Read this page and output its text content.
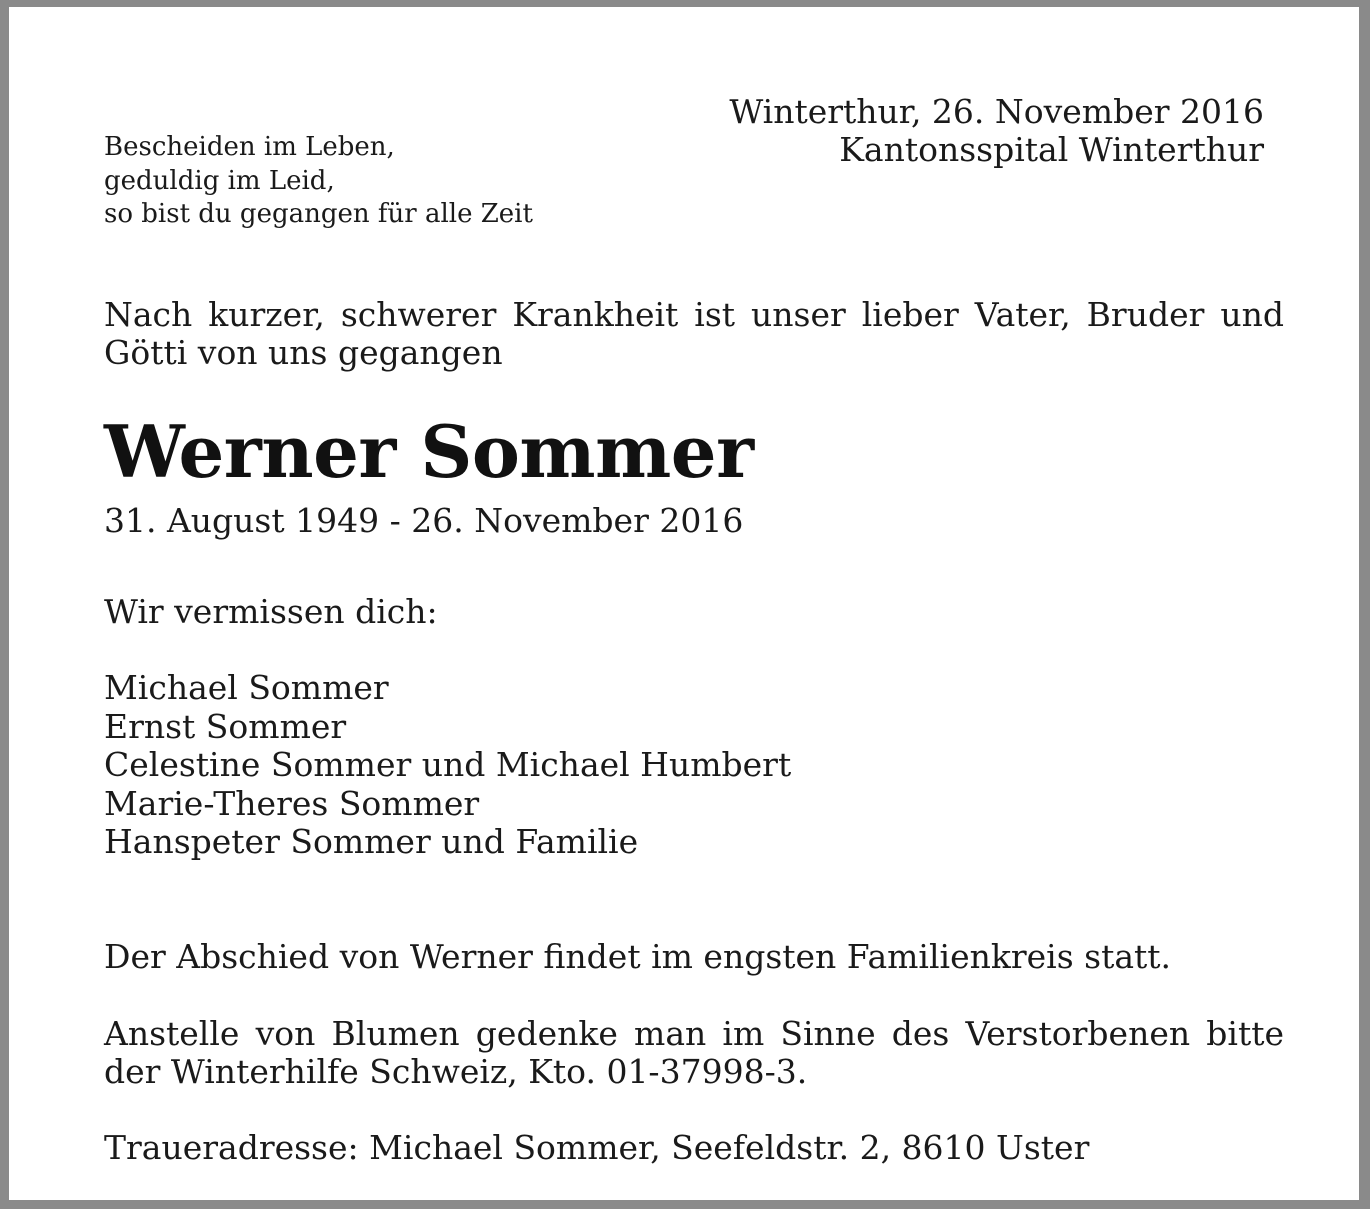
Bescheiden im Leben,
geduldig im Leid,
so bist du gegangen für alle Zeit
Winterthur, 26. November 2016
Kantonsspital Winterthur

Nach kurzer, schwerer Krankheit ist unser lieber Vater, Bruder und Götti von uns gegangen

Werner Sommer

31. August 1949 - 26. November 2016

Wir vermissen dich:

Michael Sommer
Ernst Sommer
Celestine Sommer und Michael Humbert
Marie-Theres Sommer
Hanspeter Sommer und Familie

Der Abschied von Werner findet im engsten Familienkreis statt.

Anstelle von Blumen gedenke man im Sinne des Verstorbenen bitte der Winterhilfe Schweiz, Kto. 01-37998-3.

Traueradresse: Michael Sommer, Seefeldstr. 2, 8610 Uster
